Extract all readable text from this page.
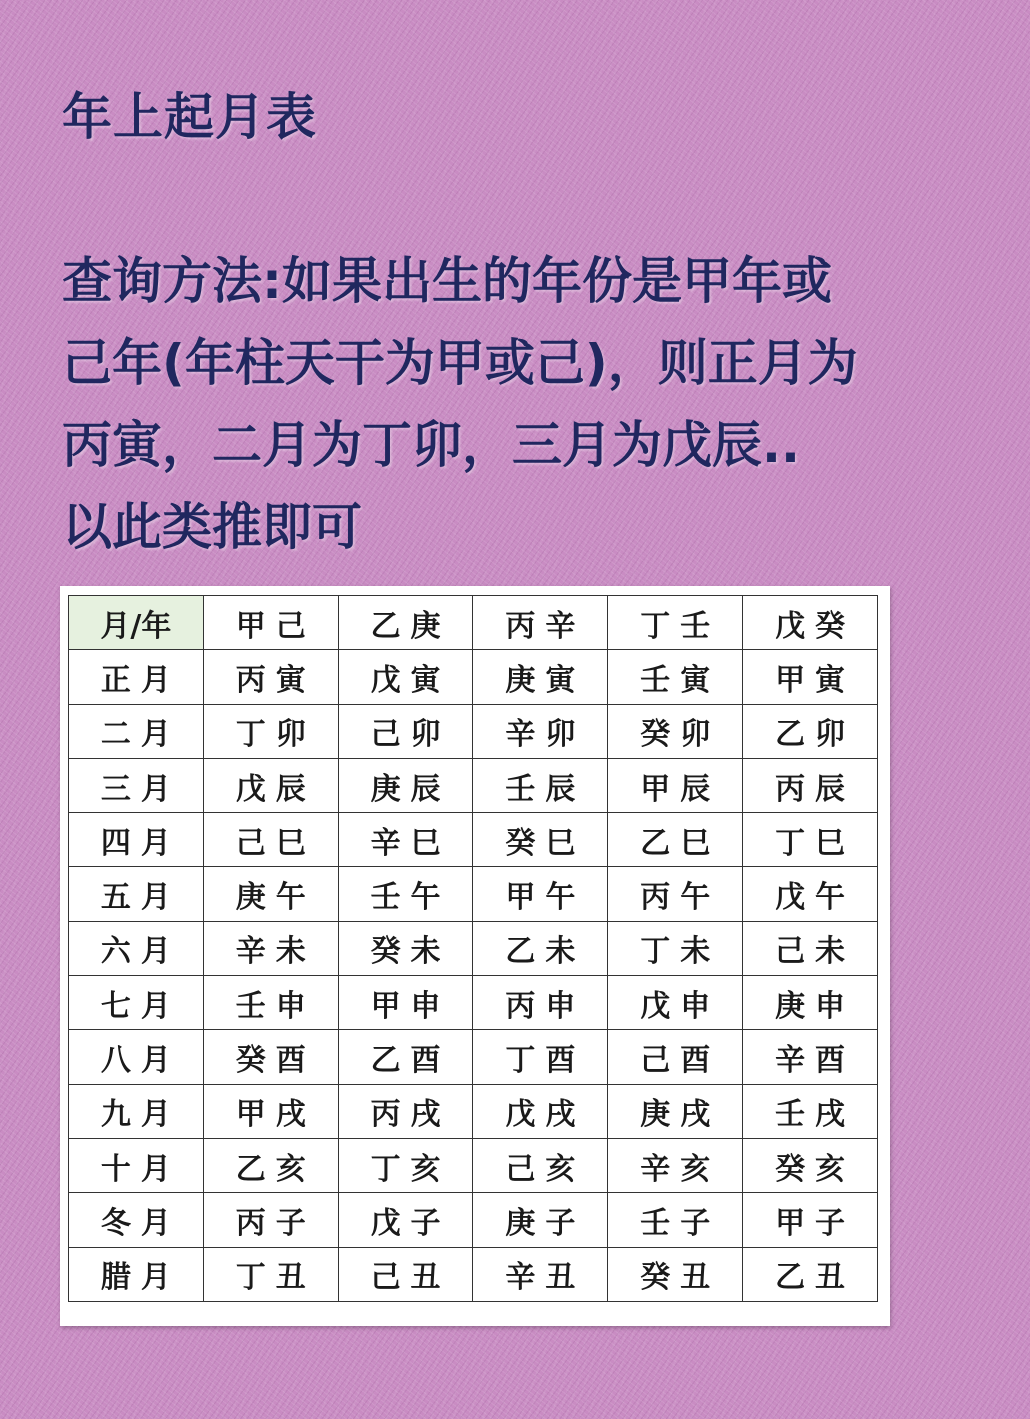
年上起月表
查询方法:如果出生的年份是甲年或
己年(年柱天干为甲或己)，则正月为
丙寅，二月为丁卯，三月为戊辰..
以此类推即可
月/年	甲己	乙庚	丙辛	丁壬	戊癸
正月	丙寅	戊寅	庚寅	壬寅	甲寅
二月	丁卯	己卯	辛卯	癸卯	乙卯
三月	戊辰	庚辰	壬辰	甲辰	丙辰
四月	己巳	辛巳	癸巳	乙巳	丁巳
五月	庚午	壬午	甲午	丙午	戊午
六月	辛未	癸未	乙未	丁未	己未
七月	壬申	甲申	丙申	戊申	庚申
八月	癸酉	乙酉	丁酉	己酉	辛酉
九月	甲戌	丙戌	戊戌	庚戌	壬戌
十月	乙亥	丁亥	己亥	辛亥	癸亥
冬月	丙子	戊子	庚子	壬子	甲子
腊月	丁丑	己丑	辛丑	癸丑	乙丑
